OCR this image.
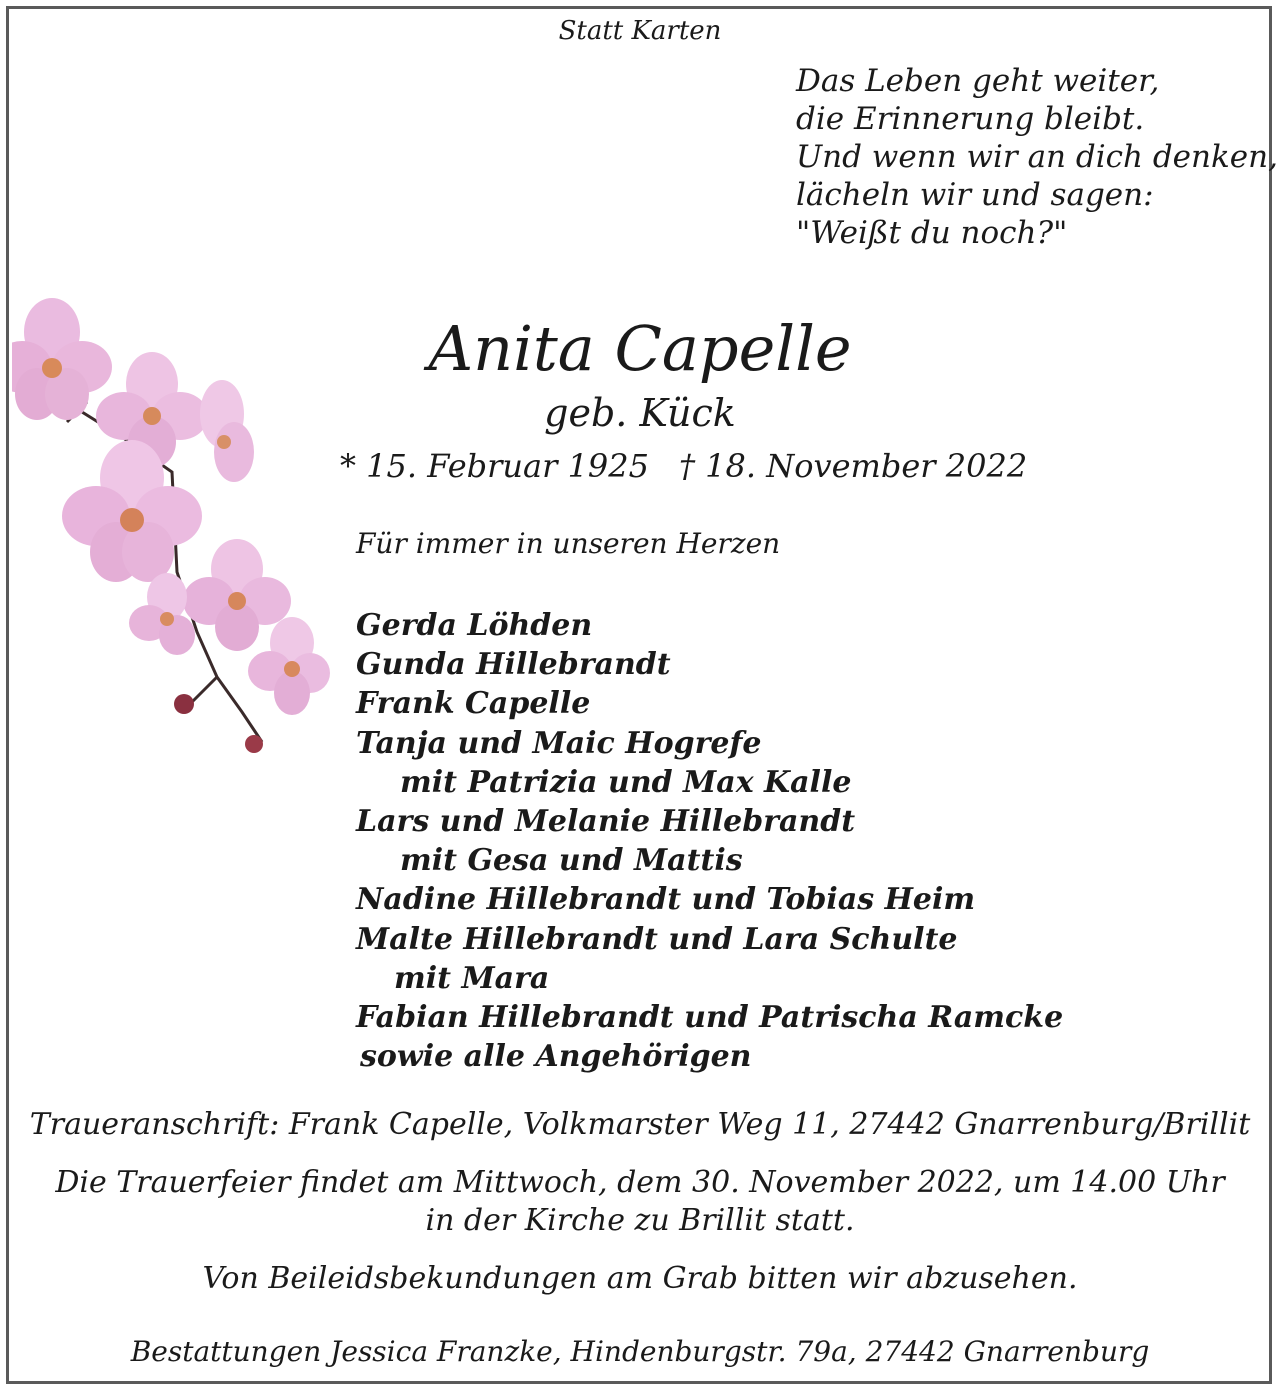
Statt Karten
Das Leben geht weiter,
die Erinnerung bleibt.
Und wenn wir an dich denken,
lächeln wir und sagen:
"Weißt du noch?"
Anita Capelle
geb. Kück
* 15. Februar 1925 † 18. November 2022
Für immer in unseren Herzen
Gerda Löhden
Gunda Hillebrandt
Frank Capelle
Tanja und Maic Hogrefe
mit Patrizia und Max Kalle
Lars und Melanie Hillebrandt
mit Gesa und Mattis
Nadine Hillebrandt und Tobias Heim
Malte Hillebrandt und Lara Schulte
mit Mara
Fabian Hillebrandt und Patrischa Ramcke
sowie alle Angehörigen
Traueranschrift: Frank Capelle, Volkmarster Weg 11, 27442 Gnarrenburg/Brillit
Die Trauerfeier findet am Mittwoch, dem 30. November 2022, um 14.00 Uhr
in der Kirche zu Brillit statt.
Von Beileidsbekundungen am Grab bitten wir abzusehen.
Bestattungen Jessica Franzke, Hindenburgstr. 79a, 27442 Gnarrenburg
